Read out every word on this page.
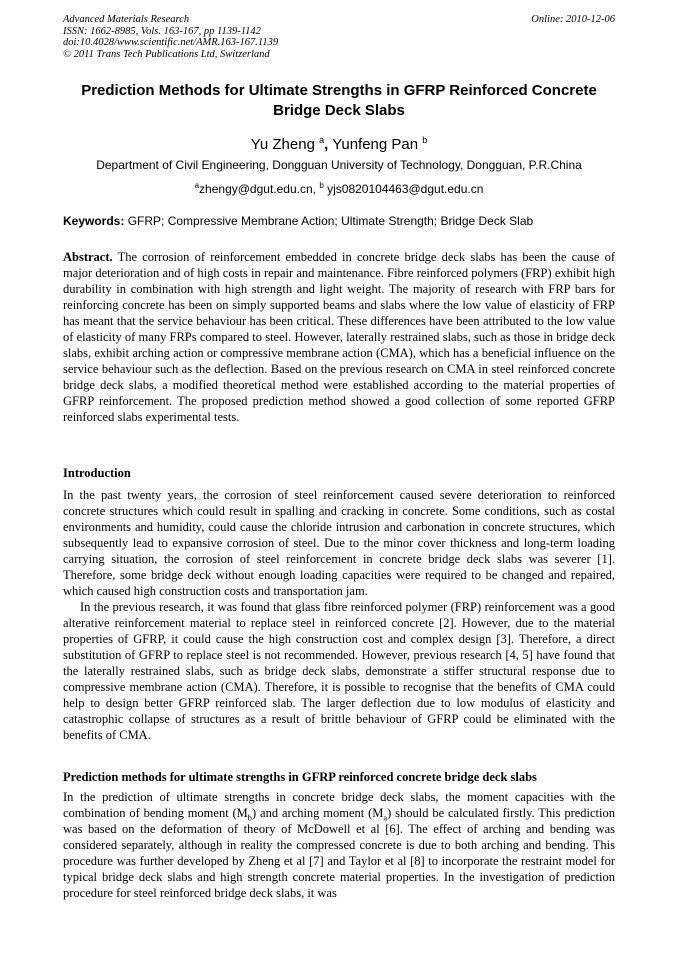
Advanced Materials Research
ISSN: 1662-8985, Vols. 163-167, pp 1139-1142
doi:10.4028/www.scientific.net/AMR.163-167.1139
© 2011 Trans Tech Publications Ltd, Switzerland
Online: 2010-12-06
Prediction Methods for Ultimate Strengths in GFRP Reinforced Concrete
Bridge Deck Slabs
Yu Zheng $^a$, Yunfeng Pan $^b$
Department of Civil Engineering, Dongguan University of Technology, Dongguan, P.R.China
$^a$zhengy@dgut.edu.cn, $^b$ yjs0820104463@dgut.edu.cn
Keywords: GFRP; Compressive Membrane Action; Ultimate Strength; Bridge Deck Slab

Abstract. The corrosion of reinforcement embedded in concrete bridge deck slabs has been the cause of major deterioration and of high costs in repair and maintenance. Fibre reinforced polymers (FRP) exhibit high durability in combination with high strength and light weight. The majority of research with FRP bars for reinforcing concrete has been on simply supported beams and slabs where the low value of elasticity of FRP has meant that the service behaviour has been critical. These differences have been attributed to the low value of elasticity of many FRPs compared to steel. However, laterally restrained slabs, such as those in bridge deck slabs, exhibit arching action or compressive membrane action (CMA), which has a beneficial influence on the service behaviour such as the deflection. Based on the previous research on CMA in steel reinforced concrete bridge deck slabs, a modified theoretical method were established according to the material properties of GFRP reinforcement. The proposed prediction method showed a good collection of some reported GFRP reinforced slabs experimental tests.

Introduction

In the past twenty years, the corrosion of steel reinforcement caused severe deterioration to reinforced concrete structures which could result in spalling and cracking in concrete. Some conditions, such as costal environments and humidity, could cause the chloride intrusion and carbonation in concrete structures, which subsequently lead to expansive corrosion of steel. Due to the minor cover thickness and long-term loading carrying situation, the corrosion of steel reinforcement in concrete bridge deck slabs was severer [1]. Therefore, some bridge deck without enough loading capacities were required to be changed and repaired, which caused high construction costs and transportation jam.

In the previous research, it was found that glass fibre reinforced polymer (FRP) reinforcement was a good alterative reinforcement material to replace steel in reinforced concrete [2]. However, due to the material properties of GFRP, it could cause the high construction cost and complex design [3]. Therefore, a direct substitution of GFRP to replace steel is not recommended. However, previous research [4, 5] have found that the laterally restrained slabs, such as bridge deck slabs, demonstrate a stiffer structural response due to compressive membrane action (CMA). Therefore, it is possible to recognise that the benefits of CMA could help to design better GFRP reinforced slab. The larger deflection due to low modulus of elasticity and catastrophic collapse of structures as a result of brittle behaviour of GFRP could be eliminated with the benefits of CMA.

Prediction methods for ultimate strengths in GFRP reinforced concrete bridge deck slabs

In the prediction of ultimate strengths in concrete bridge deck slabs, the moment capacities with the combination of bending moment $(M_b)$ and arching moment $(M_a)$ should be calculated firstly. This prediction was based on the deformation of theory of McDowell et al [6]. The effect of arching and bending was considered separately, although in reality the compressed concrete is due to both arching and bending. This procedure was further developed by Zheng et al [7] and Taylor et al [8] to incorporate the restraint model for typical bridge deck slabs and high strength concrete material properties. In the investigation of prediction procedure for steel reinforced bridge deck slabs, it was
